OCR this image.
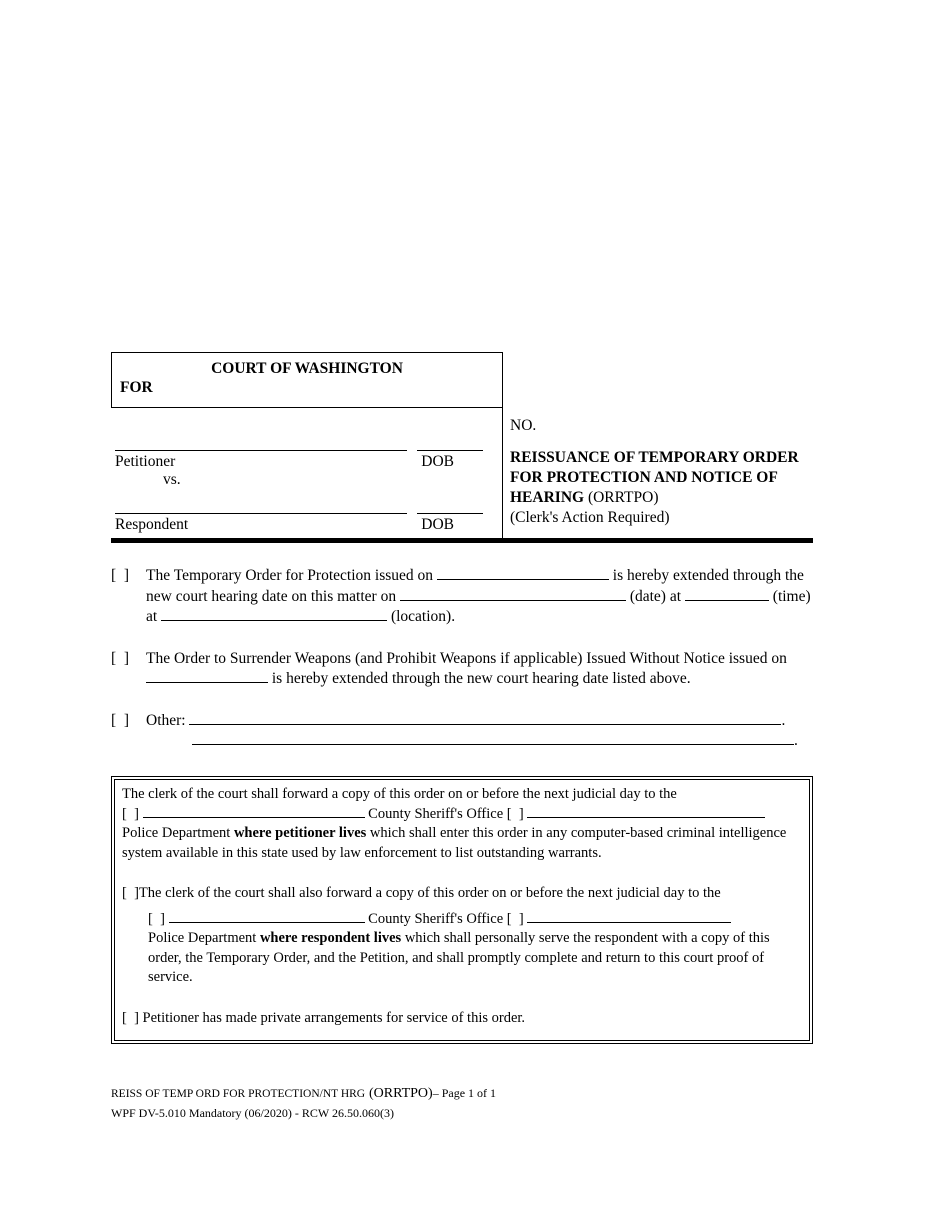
COURT OF WASHINGTON
FOR
Petitioner	DOB
vs.
Respondent	DOB
NO.
REISSUANCE OF TEMPORARY ORDER FOR PROTECTION AND NOTICE OF HEARING (ORRTPO)
(Clerk's Action Required)
[  ] The Temporary Order for Protection issued on	is hereby extended through the new court hearing date on this matter on	(date) at	(time) at	(location).
[  ] The Order to Surrender Weapons (and Prohibit Weapons if applicable) Issued Without Notice issued on  is hereby extended through the new court hearing date listed above.
[  ] Other:	.
.
The clerk of the court shall forward a copy of this order on or before the next judicial day to the
[  ]	County Sheriff's Office [  ]
Police Department where petitioner lives which shall enter this order in any computer-based criminal intelligence system available in this state used by law enforcement to list outstanding warrants.
[  ]The clerk of the court shall also forward a copy of this order on or before the next judicial day to the
[  ]	County Sheriff's Office [  ]
Police Department where respondent lives which shall personally serve the respondent with a copy of this order, the Temporary Order, and the Petition, and shall promptly complete and return to this court proof of service.
[  ] Petitioner has made private arrangements for service of this order.
REISS OF TEMP ORD FOR PROTECTION/NT HRG (ORRTPO)– Page 1 of 1
WPF DV-5.010 Mandatory (06/2020) - RCW 26.50.060(3)
